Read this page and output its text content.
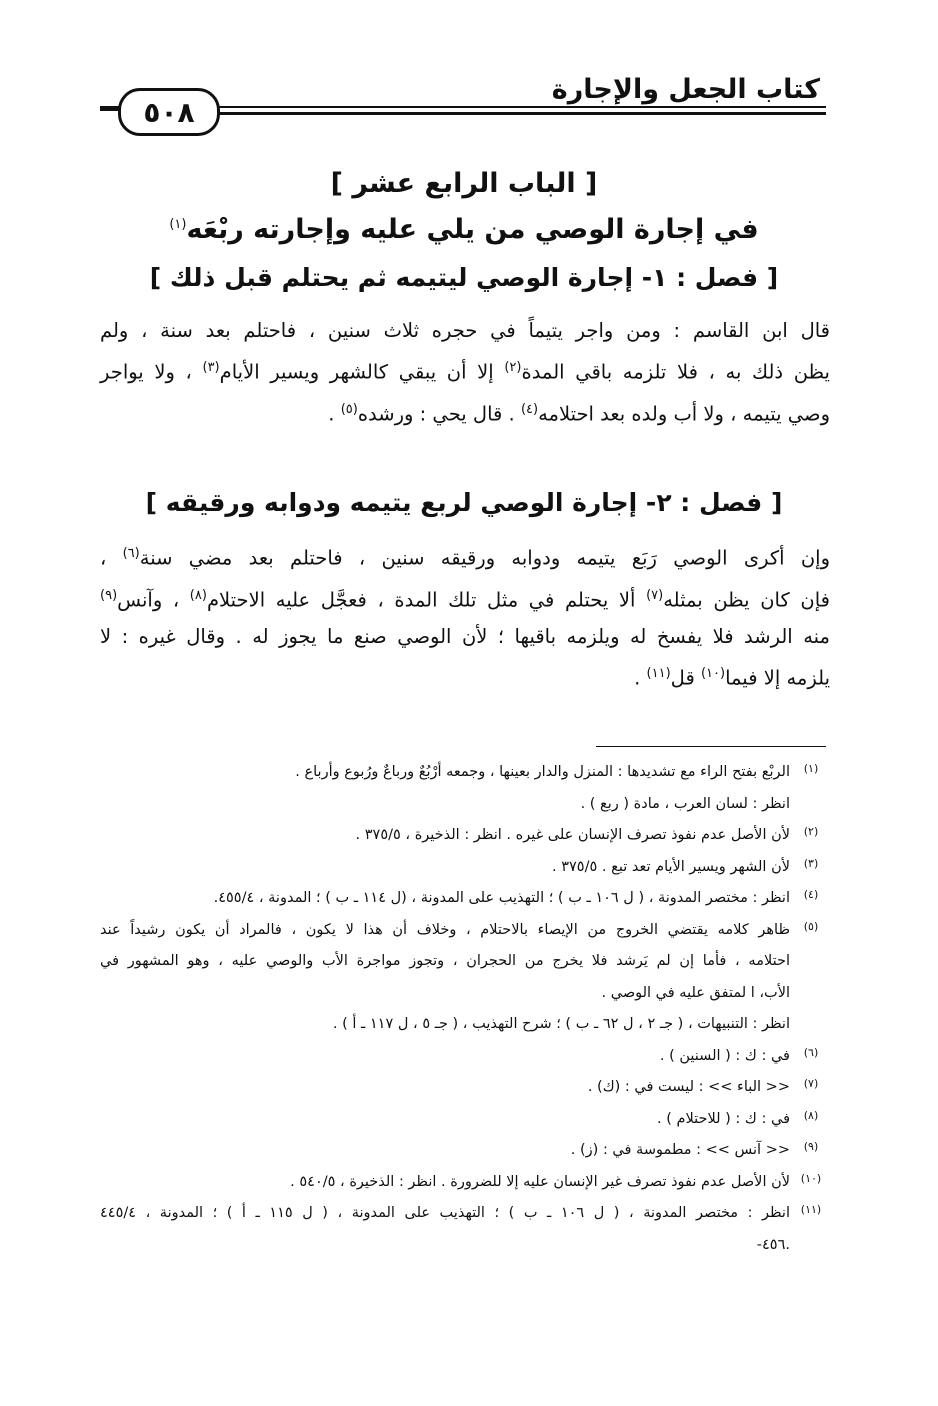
كتاب الجعل والإجارة
٥٠٨
[ الباب الرابع عشر ]
في إجارة الوصي من يلي عليه وإجارته ربْعَه$^{(١)}$
[ فصل : ١- إجارة الوصي ليتيمه ثم يحتلم قبل ذلك ]
قال ابن القاسم : ومن واجر يتيماً في حجره ثلاث سنين ، فاحتلم بعد سنة ، ولم
يظن ذلك به ، فلا تلزمه باقي المدة$^{(٢)}$ إلا أن يبقي كالشهر ويسير الأيام$^{(٣)}$ ، ولا يواجر
وصي يتيمه ، ولا أب ولده بعد احتلامه$^{(٤)}$ . قال يحي : ورشده$^{(٥)}$ .
[ فصل : ٢- إجارة الوصي لربع يتيمه ودوابه ورقيقه ]
وإن أكرى الوصي رَبَع يتيمه ودوابه ورقيقه سنين ، فاحتلم بعد مضي سنة$^{(٦)}$ ،
فإن كان يظن بمثله$^{(٧)}$ ألا يحتلم في مثل تلك المدة ، فعجَّل عليه الاحتلام$^{(٨)}$ ، وآنس$^{(٩)}$
منه الرشد فلا يفسخ له ويلزمه باقيها ؛ لأن الوصي صنع ما يجوز له . وقال غيره : لا
يلزمه إلا فيما$^{(١٠)}$ قل$^{(١١)}$ .
(١)
الربْع بفتح الراء مع تشديدها : المنزل والدار بعينها ، وجمعه أرْبُعٌ ورباعٌ ورُبوع وأرباع .
انظر : لسان العرب ، مادة ( ربع ) .
(٢)
لأن الأصل عدم نفوذ تصرف الإنسان على غيره . انظر : الذخيرة ، ٣٧٥/٥ .
(٣)
لأن الشهر ويسير الأيام تعد تبع . ٣٧٥/٥ .
(٤)
انظر : مختصر المدونة ، ( ل ١٠٦ ـ ب ) ؛ التهذيب على المدونة ، (ل ١١٤ ـ ب ) ؛ المدونة ، ٤٥٥/٤.
(٥)
ظاهر كلامه يقتضي الخروج من الإيصاء بالاحتلام ، وخلاف أن هذا لا يكون ، فالمراد أن يكون رشيداً عند
احتلامه ، فأما إن لم يَرشد فلا يخرج من الحجران ، وتجوز مواجرة الأب والوصي عليه ، وهو المشهور في
الأب، ا لمتفق عليه في الوصي .
انظر : التنبيهات ، ( جـ ٢ ، ل ٦٢ ـ ب ) ؛ شرح التهذيب ، ( جـ ٥ ، ل ١١٧ ـ أ ) .
(٦)
في : ك : ( السنين ) .
(٧)
<< الباء >> : ليست في : (ك) .
(٨)
في : ك : ( للاحتلام ) .
(٩)
<< آنس >> : مطموسة في : (ز) .
(١٠)
لأن الأصل عدم نفوذ تصرف غير الإنسان عليه إلا للضرورة . انظر : الذخيرة ، ٥٤٠/٥ .
(١١)
انظر : مختصر المدونة ، ( ل ١٠٦ ـ ب ) ؛ التهذيب على المدونة ، ( ل ١١٥ ـ أ ) ؛ المدونة ، ٤٤٥/٤
.٤٥٦-
